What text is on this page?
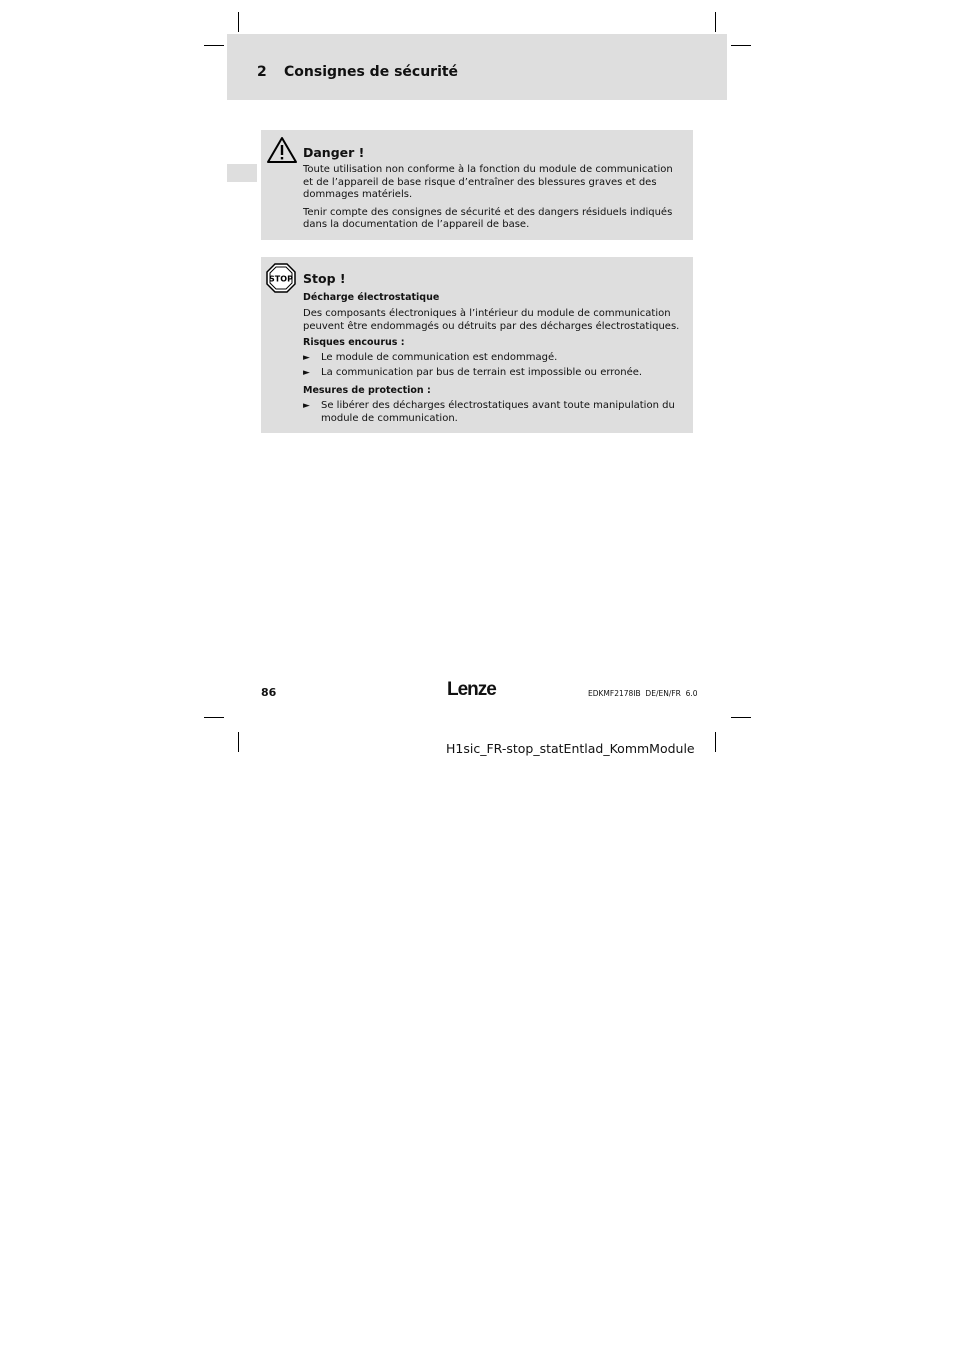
2 Consignes de sécurité

Danger !

Toute utilisation non conforme à la fonction du module de communication et de l’appareil de base risque d’entraîner des blessures graves et des dommages matériels.

Tenir compte des consignes de sécurité et des dangers résiduels indiqués dans la documentation de l’appareil de base.

STOP Stop !

Décharge électrostatique

Des composants électroniques à l’intérieur du module de communication peuvent être endommagés ou détruits par des décharges électrostatiques.

Risques encourus :

► Le module de communication est endommagé.
► La communication par bus de terrain est impossible ou erronée.

Mesures de protection :

► Se libérer des décharges électrostatiques avant toute manipulation du module de communication.
86	Lenze	EDKMF2178IB  DE/EN/FR  6.0
H1sic_FR-stop_statEntlad_KommModule
